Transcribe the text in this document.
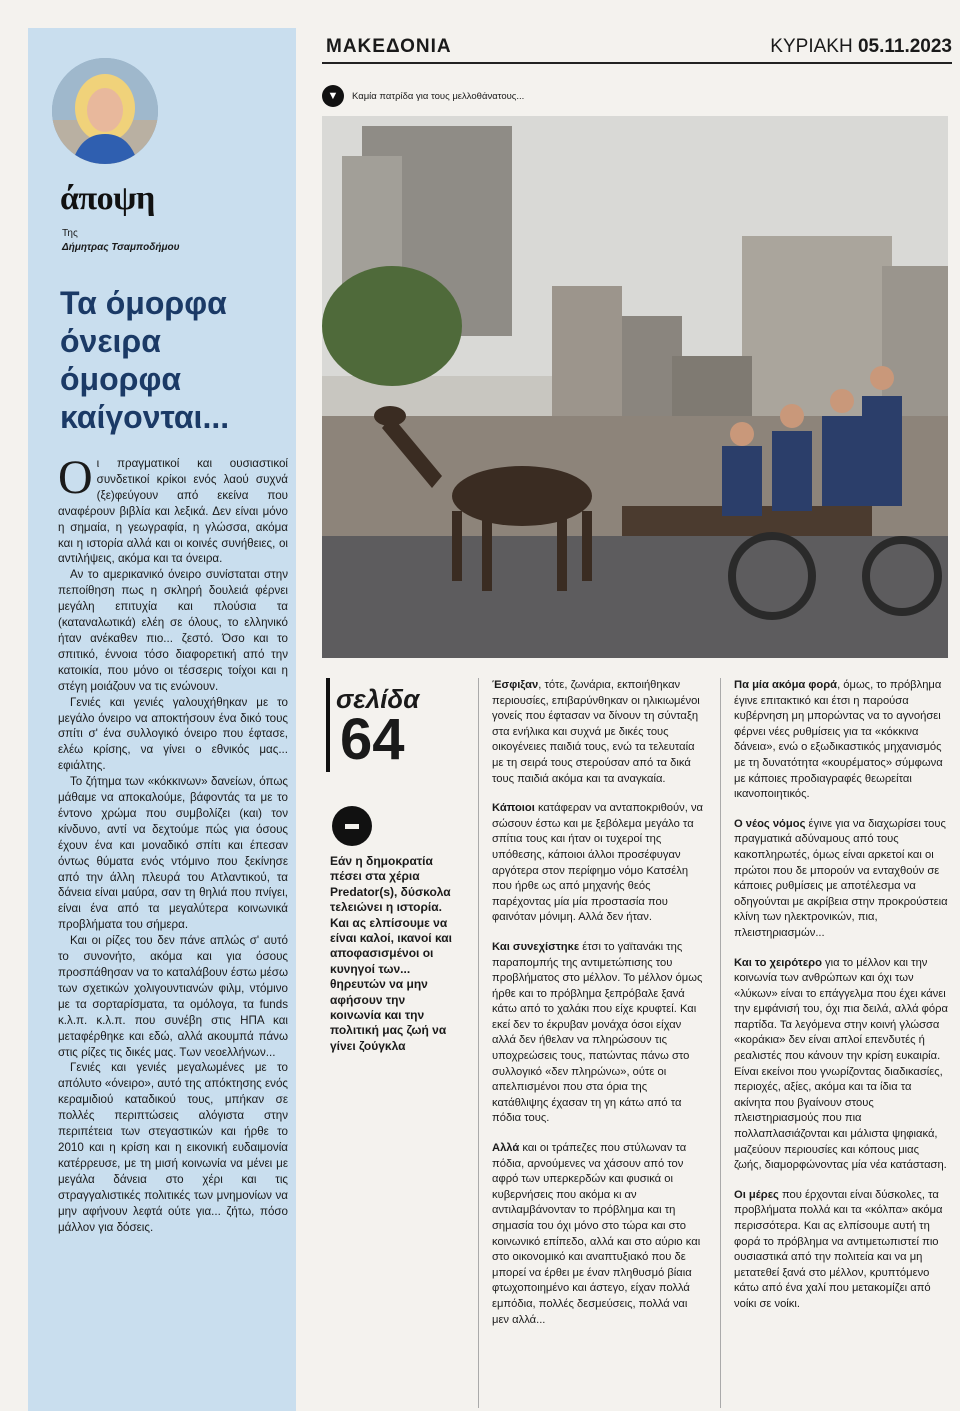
άποψη
Της
Δήμητρας Τσαμποδήμου
Τα όμορφα όνειρα όμορφα καίγονται...

Οι πραγματικοί και ουσιαστικοί συνδετικοί κρίκοι ενός λαού συχνά (ξε)φεύγουν από εκείνα που αναφέρουν βιβλία και λεξικά. Δεν είναι μόνο η σημαία, η γεωγραφία, η γλώσσα, ακόμα και η ιστορία αλλά και οι κοινές συνήθειες, οι αντιλήψεις, ακόμα και τα όνειρα.

Αν το αμερικανικό όνειρο συνίσταται στην πεποίθηση πως η σκληρή δουλειά φέρνει μεγάλη επιτυχία και πλούσια τα (καταναλωτικά) ελέη σε όλους, το ελληνικό ήταν ανέκαθεν πιο... ζεστό. Όσο και το σπιτικό, έννοια τόσο διαφορετική από την κατοικία, που μόνο οι τέσσερις τοίχοι και η στέγη μοιάζουν να τις ενώνουν.

Γενιές και γενιές γαλουχήθηκαν με το μεγάλο όνειρο να αποκτήσουν ένα δικό τους σπίτι σ' ένα συλλογικό όνειρο που έφτασε, ελέω κρίσης, να γίνει ο εθνικός μας... εφιάλτης.

Το ζήτημα των «κόκκινων» δανείων, όπως μάθαμε να αποκαλούμε, βάφοντάς τα με το έντονο χρώμα που συμβολίζει (και) τον κίνδυνο, αντί να δεχτούμε πώς για όσους έχουν ένα και μοναδικό σπίτι και έπεσαν όντως θύματα ενός ντόμινο που ξεκίνησε από την άλλη πλευρά του Ατλαντικού, τα δάνεια είναι μαύρα, σαν τη θηλιά που πνίγει, είναι ένα από τα μεγαλύτερα κοινωνικά προβλήματα του σήμερα.

Και οι ρίζες του δεν πάνε απλώς σ' αυτό το συνονήτο, ακόμα και για όσους προσπάθησαν να το καταλάβουν έστω μέσω των σχετικών χολιγουντιανών φιλμ, ντόμινο με τα σορταρίσματα, τα ομόλογα, τα funds κ.λ.π. κ.λ.π. που συνέβη στις ΗΠΑ και μεταφέρθηκε και εδώ, αλλά ακουμπά πάνω στις ρίζες τις δικές μας. Των νεοελλήνων...

Γενιές και γενιές μεγαλωμένες με το απόλυτο «όνειρο», αυτό της απόκτησης ενός κεραμιδιού καταδικού τους, μπήκαν σε πολλές περιπτώσεις αλόγιστα στην περιπέτεια των στεγαστικών και ήρθε το 2010 και η κρίση και η εικονική ευδαιμονία κατέρρευσε, με τη μισή κοινωνία να μένει με μεγάλα δάνεια στο χέρι και τις στραγγαλιστικές πολιτικές των μνημονίων να μην αφήνουν λεφτά ούτε για... ζήτω, πόσο μάλλον για δόσεις.

ΜΑΚΕΔΟΝΙΑ	ΚΥΡΙΑΚΗ 05.11.2023
▼	Καμία πατρίδα για τους μελλοθάνατους...
σελίδα
64
Εάν η δημοκρατία πέσει στα χέρια Predator(s), δύσκολα τελειώνει η ιστορία. Και ας ελπίσουμε να είναι καλοί, ικανοί και αποφασισμένοι οι κυνηγοί των... θηρευτών να μην αφήσουν την κοινωνία και την πολιτική μας ζωή να γίνει ζούγκλα

Έσφιξαν, τότε, ζωνάρια, εκποιήθηκαν περιουσίες, επιβαρύνθηκαν οι ηλικιωμένοι γονείς που έφτασαν να δίνουν τη σύνταξη στα ενήλικα και συχνά με δικές τους οικογένειες παιδιά τους, ενώ τα τελευταία με τη σειρά τους στερούσαν από τα δικά τους παιδιά ακόμα και τα αναγκαία.

Κάποιοι κατάφεραν να ανταποκριθούν, να σώσουν έστω και με ξεβόλεμα μεγάλο τα σπίτια τους και ήταν οι τυχεροί της υπόθεσης, κάποιοι άλλοι προσέφυγαν αργότερα στον περίφημο νόμο Κατσέλη που ήρθε ως από μηχανής θεός παρέχοντας μία μία προστασία που φαινόταν μόνιμη. Αλλά δεν ήταν.

Και συνεχίστηκε έτσι το γαϊτανάκι της παραπομπής της αντιμετώπισης του προβλήματος στο μέλλον. Το μέλλον όμως ήρθε και το πρόβλημα ξεπρόβαλε ξανά κάτω από το χαλάκι που είχε κρυφτεί. Και εκεί δεν το έκρυβαν μονάχα όσοι είχαν αλλά δεν ήθελαν να πληρώσουν τις υποχρεώσεις τους, πατώντας πάνω στο συλλογικό «δεν πληρώνω», ούτε οι απελπισμένοι που στα όρια της κατάθλιψης έχασαν τη γη κάτω από τα πόδια τους.

Αλλά και οι τράπεζες που στύλωναν τα πόδια, αρνούμενες να χάσουν από τον αφρό των υπερκερδών και φυσικά οι κυβερνήσεις που ακόμα κι αν αντιλαμβάνονταν το πρόβλημα και τη σημασία του όχι μόνο στο τώρα και στο κοινωνικό επίπεδο, αλλά και στο αύριο και στο οικονομικό και αναπτυξιακό που δε μπορεί να έρθει με έναν πληθυσμό βίαια φτωχοποιημένο και άστεγο, είχαν πολλά εμπόδια, πολλές δεσμεύσεις, πολλά ναι μεν αλλά...

Πα μία ακόμα φορά, όμως, το πρόβλημα έγινε επιτακτικό και έτσι η παρούσα κυβέρνηση μη μπορώντας να το αγνοήσει φέρνει νέες ρυθμίσεις για τα «κόκκινα δάνεια», ενώ ο εξωδικαστικός μηχανισμός με τη δυνατότητα «κουρέματος» σύμφωνα με κάποιες προδιαγραφές θεωρείται ικανοποιητικός.

Ο νέος νόμος έγινε για να διαχωρίσει τους πραγματικά αδύναμους από τους κακοπληρωτές, όμως είναι αρκετοί και οι πρώτοι που δε μπορούν να ενταχθούν σε κάποιες ρυθμίσεις με αποτέλεσμα να οδηγούνται με ακρίβεια στην προκρούστεια κλίνη των ηλεκτρονικών, πια, πλειστηριασμών...

Και το χειρότερο για το μέλλον και την κοινωνία των ανθρώπων και όχι των «λύκων» είναι το επάγγελμα που έχει κάνει την εμφάνισή του, όχι πια δειλά, αλλά φόρα παρτίδα. Τα λεγόμενα στην κοινή γλώσσα «κοράκια» δεν είναι απλοί επενδυτές ή ρεαλιστές που κάνουν την κρίση ευκαιρία. Είναι εκείνοι που γνωρίζοντας διαδικασίες, περιοχές, αξίες, ακόμα και τα ίδια τα ακίνητα που βγαίνουν στους πλειστηριασμούς που πια πολλαπλασιάζονται και μάλιστα ψηφιακά, μαζεύουν περιουσίες και κόπους μιας ζωής, διαμορφώνοντας μία νέα κατάσταση.

Οι μέρες που έρχονται είναι δύσκολες, τα προβλήματα πολλά και τα «κόλπα» ακόμα περισσότερα. Και ας ελπίσουμε αυτή τη φορά το πρόβλημα να αντιμετωπιστεί πιο ουσιαστικά από την πολιτεία και να μη μετατεθεί ξανά στο μέλλον, κρυπτόμενο κάτω από ένα χαλί που μετακομίζει από νοίκι σε νοίκι.
